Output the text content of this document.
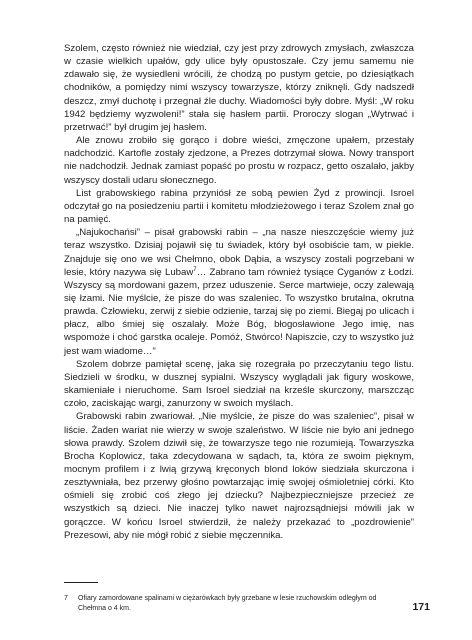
Szolem, często również nie wiedział, czy jest przy zdrowych zmysłach, zwłaszcza w czasie wielkich upałów, gdy ulice były opustoszałe. Czy jemu samemu nie zdawało się, że wysiedleni wrócili, że chodzą po pustym getcie, po dziesiątkach chodników, a pomiędzy nimi wszyscy towarzysze, którzy zniknęli. Gdy nadszedł deszcz, zmył duchotę i przegnał źle duchy. Wiadomości były dobre. Myśl: „W roku 1942 będziemy wyzwoleni!” stała się hasłem partii. Proroczy slogan „Wytrwać i przetrwać!” był drugim jej hasłem.

Ale znowu zrobiło się gorąco i dobre wieści, zmęczone upałem, przestały nadchodzić. Kartofle zostały zjedzone, a Prezes dotrzymał słowa. Nowy transport nie nadchodził. Jednak zamiast popaść po prostu w rozpacz, getto oszalało, jakby wszyscy dostali udaru słonecznego.

List grabowskiego rabina przyniósł ze sobą pewien Żyd z prowincji. Isroel odczytał go na posiedzeniu partii i komitetu młodzieżowego i teraz Szolem znał go na pamięć.

„Najukochańsi” – pisał grabowski rabin – „na nasze nieszczęście wiemy już teraz wszystko. Dzisiaj pojawił się tu świadek, który był osobiście tam, w piekle. Znajduje się ono we wsi Chełmno, obok Dąbia, a wszyscy zostali pogrzebani w lesie, który nazywa się Lubaw$^7$… Zabrano tam również tysiące Cyganów z Łodzi. Wszyscy są mordowani gazem, przez uduszenie. Serce martwieje, oczy zalewają się łzami. Nie myślcie, że pisze do was szaleniec. To wszystko brutalna, okrutna prawda. Człowieku, zerwij z siebie odzienie, tarzaj się po ziemi. Biegaj po ulicach i płacz, albo śmiej się oszalały. Może Bóg, błogosławione Jego imię, nas wspomoże i choć garstka ocaleje. Pomóż, Stwórco! Napiszcie, czy to wszystko już jest wam wiadome…”

Szolem dobrze pamiętał scenę, jaka się rozegrała po przeczytaniu tego listu. Siedzieli w środku, w dusznej sypialni. Wszyscy wyglądali jak figury woskowe, skamieniałe i nieruchome. Sam Isroel siedział na krześle skurczony, marszcząc czoło, zaciskając wargi, zanurzony w swoich myślach.

Grabowski rabin zwariował. „Nie myślcie, że pisze do was szaleniec”, pisał w liście. Żaden wariat nie wierzy w swoje szaleństwo. W liście nie było ani jednego słowa prawdy. Szolem dziwił się, że towarzysze tego nie rozumieją. Towarzyszka Brocha Koplowicz, taka zdecydowana w sądach, ta, która ze swoim pięknym, mocnym profilem i z lwią grzywą kręconych blond loków siedziała skurczona i zesztywniała, bez przerwy głośno powtarzając imię swojej ośmioletniej córki. Kto ośmieli się zrobić coś złego jej dziecku? Najbezpieczniejsze przecież ze wszystkich są dzieci. Nie inaczej tylko nawet najrozsądniejsi mówili jak w gorączce. W końcu Isroel stwierdził, że należy przekazać to „pozdrowienie” Prezesowi, aby nie mógł robić z siebie męczennika.

7 Ofiary zamordowane spalinami w ciężarówkach były grzebane w lesie rzuchowskim odległym od Chełmna o 4 km.	171
